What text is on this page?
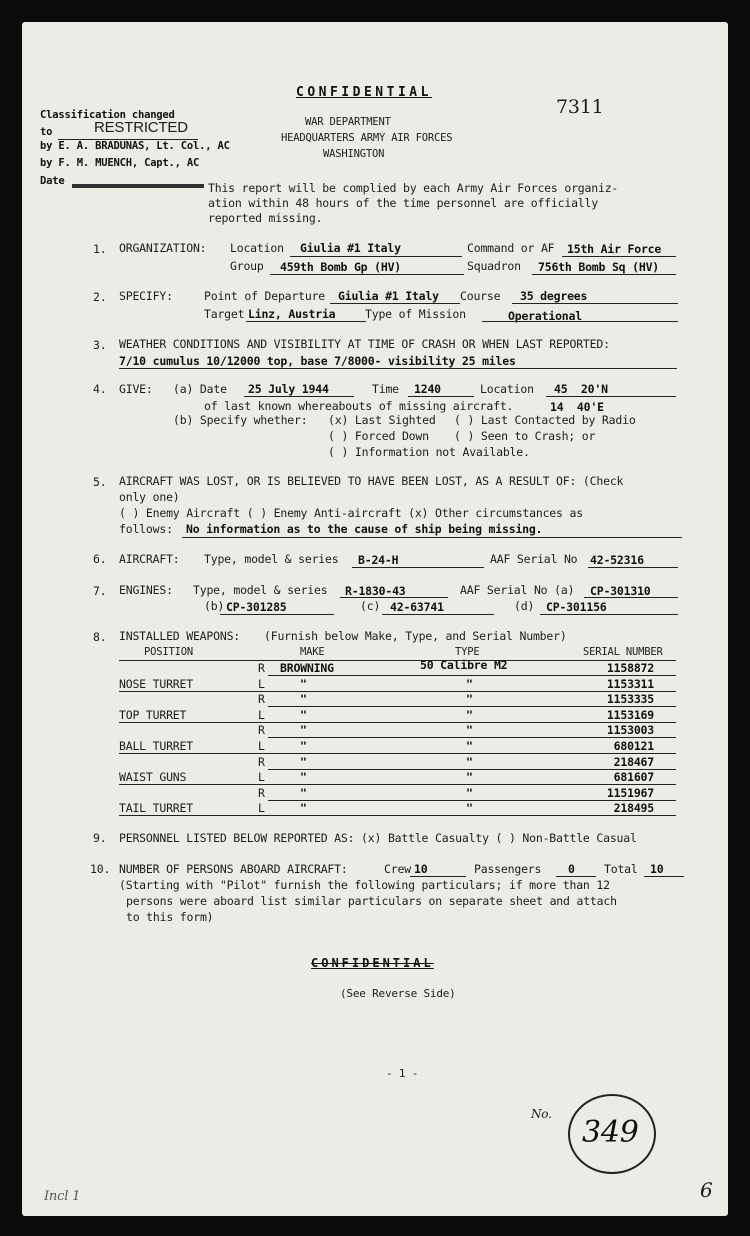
CONFIDENTIAL
7311
WAR DEPARTMENT
HEADQUARTERS ARMY AIR FORCES
WASHINGTON
Classification changed
to	RESTRICTED
by E. A. BRADUNAS, Lt. Col., AC
by F. M. MUENCH, Capt., AC
Date	This report will be complied by each Army Air Forces organiz-
ation within 48 hours of the time personnel are officially
reported missing.
1. ORGANIZATION: Location Giulia #1 Italy	Command or AF 15th Air Force
Group 459th Bomb Gp (HV)	Squadron 756th Bomb Sq (HV)
2. SPECIFY:	Point of Departure Giulia #1 Italy Course 35 degrees
Target Linz, Austria	Type of Mission	Operational
3. WEATHER CONDITIONS AND VISIBILITY AT TIME OF CRASH OR WHEN LAST REPORTED:
7/10 cumulus 10/12000 top, base 7/8000- visibility 25 miles
4. GIVE: (a) Date 25 July 1944	Time 1240	Location 45  20'N
of last known whereabouts of missing aircraft.	14  40'E
(b) Specify whether: (x) Last Sighted ( ) Last Contacted by Radio
( ) Forced Down ( ) Seen to Crash; or
( ) Information not Available.
5. AIRCRAFT WAS LOST, OR IS BELIEVED TO HAVE BEEN LOST, AS A RESULT OF: (Check
only one)
( ) Enemy Aircraft ( ) Enemy Anti-aircraft (x) Other circumstances as
follows: No information as to the cause of ship being missing.
6. AIRCRAFT: Type, model & series B-24-H	AAF Serial No 42-52316
7. ENGINES: Type, model & series R-1830-43	AAF Serial No (a) CP-301310
(b) CP-301285	(c) 42-63741	(d) CP-301156
8. INSTALLED WEAPONS: (Furnish below Make, Type, and Serial Number)
POSITION	MAKE	TYPE	SERIAL NUMBER
R BROWNING	50 Calibre M2	1158872
NOSE TURRET	L	"	"	1153311
R	"	"	1153335
TOP TURRET	L	"	"	1153169
R	"	"	1153003
BALL TURRET	L	"	"	680121
R	"	"	218467
WAIST GUNS	L	"	"	681607
R	"	"	1151967
TAIL TURRET	L	"	"	218495
9. PERSONNEL LISTED BELOW REPORTED AS: (x) Battle Casualty ( ) Non-Battle Casual
10. NUMBER OF PERSONS ABOARD AIRCRAFT:	Crew 10	Passengers 0	Total 10
(Starting with "Pilot" furnish the following particulars; if more than 12
persons were aboard list similar particulars on separate sheet and attach
to this form)
CONFIDENTIAL
(See Reverse Side)
- 1 -
No.
349
6
Incl 1
